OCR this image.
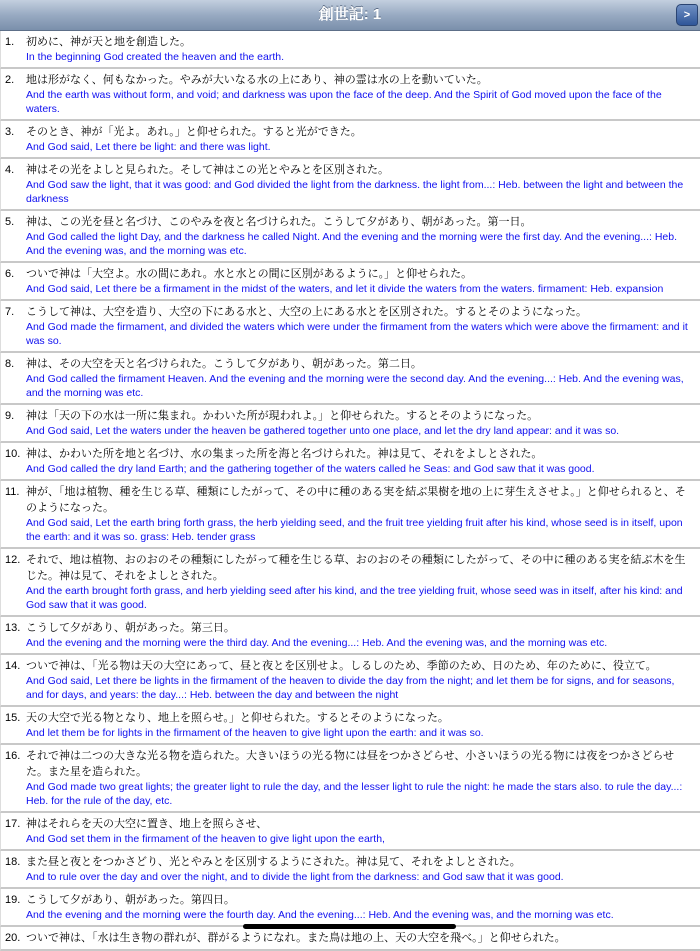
創世記: 1	>
1. 初めに、神が天と地を創造した。
In the beginning God created the heaven and the earth.
2. 地は形がなく、何もなかった。やみが大いなる水の上にあり、神の霊は水の上を動いていた。
And the earth was without form, and void; and darkness was upon the face of the deep. And the Spirit of God moved upon the face of the waters.
3. そのとき、神が「光よ。あれ。」と仰せられた。すると光ができた。
And God said, Let there be light: and there was light.
4. 神はその光をよしと見られた。そして神はこの光とやみとを区別された。
And God saw the light, that it was good: and God divided the light from the darkness. the light from...: Heb. between the light and between the darkness
5. 神は、この光を昼と名づけ、このやみを夜と名づけられた。こうして夕があり、朝があった。第一日。
And God called the light Day, and the darkness he called Night. And the evening and the morning were the first day. And the evening...: Heb. And the evening was, and the morning was etc.
6. ついで神は「大空よ。水の間にあれ。水と水との間に区別があるように。」と仰せられた。
And God said, Let there be a firmament in the midst of the waters, and let it divide the waters from the waters. firmament: Heb. expansion
7. こうして神は、大空を造り、大空の下にある水と、大空の上にある水とを区別された。するとそのようになった。
And God made the firmament, and divided the waters which were under the firmament from the waters which were above the firmament: and it was so.
8. 神は、その大空を天と名づけられた。こうして夕があり、朝があった。第二日。
And God called the firmament Heaven. And the evening and the morning were the second day. And the evening...: Heb. And the evening was, and the morning was etc.
9. 神は「天の下の水は一所に集まれ。かわいた所が現われよ。」と仰せられた。するとそのようになった。
And God said, Let the waters under the heaven be gathered together unto one place, and let the dry land appear: and it was so.
10. 神は、かわいた所を地と名づけ、水の集まった所を海と名づけられた。神は見て、それをよしとされた。
And God called the dry land Earth; and the gathering together of the waters called he Seas: and God saw that it was good.
11. 神が、「地は植物、種を生じる草、種類にしたがって、その中に種のある実を結ぶ果樹を地の上に芽生えさせよ。」と仰せられると、そのようになった。
And God said, Let the earth bring forth grass, the herb yielding seed, and the fruit tree yielding fruit after his kind, whose seed is in itself, upon the earth: and it was so. grass: Heb. tender grass
12. それで、地は植物、おのおのその種類にしたがって種を生じる草、おのおのその種類にしたがって、その中に種のある実を結ぶ木を生じた。神は見て、それをよしとされた。
And the earth brought forth grass, and herb yielding seed after his kind, and the tree yielding fruit, whose seed was in itself, after his kind: and God saw that it was good.
13. こうして夕があり、朝があった。第三日。
And the evening and the morning were the third day. And the evening...: Heb. And the evening was, and the morning was etc.
14. ついで神は、「光る物は天の大空にあって、昼と夜とを区別せよ。しるしのため、季節のため、日のため、年のために、役立て。
And God said, Let there be lights in the firmament of the heaven to divide the day from the night; and let them be for signs, and for seasons, and for days, and years: the day...: Heb. between the day and between the night
15. 天の大空で光る物となり、地上を照らせ。」と仰せられた。するとそのようになった。
And let them be for lights in the firmament of the heaven to give light upon the earth: and it was so.
16. それで神は二つの大きな光る物を造られた。大きいほうの光る物には昼をつかさどらせ、小さいほうの光る物には夜をつかさどらせた。また星を造られた。
And God made two great lights; the greater light to rule the day, and the lesser light to rule the night: he made the stars also. to rule the day...: Heb. for the rule of the day, etc.
17. 神はそれらを天の大空に置き、地上を照らさせ、
And God set them in the firmament of the heaven to give light upon the earth,
18. また昼と夜とをつかさどり、光とやみとを区別するようにされた。神は見て、それをよしとされた。
And to rule over the day and over the night, and to divide the light from the darkness: and God saw that it was good.
19. こうして夕があり、朝があった。第四日。
And the evening and the morning were the fourth day. And the evening...: Heb. And the evening was, and the morning was etc.
20. ついで神は、「水は生き物の群れが、群がるようになれ。また鳥は地の上、天の大空を飛べ。」と仰せられた。
